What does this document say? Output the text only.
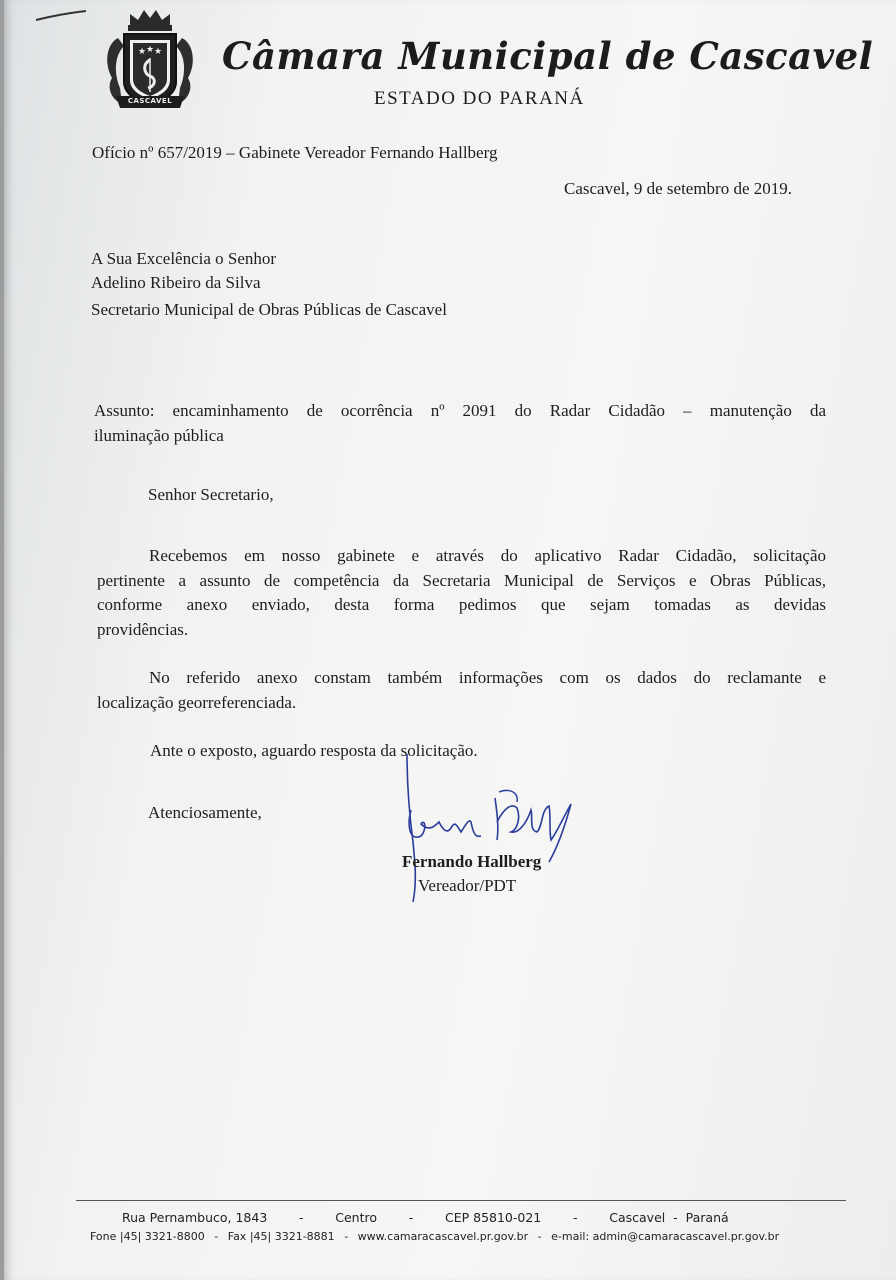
★ ★ ★
CASCAVEL
Câmara Municipal de Cascavel
ESTADO DO PARANÁ
Ofício nº 657/2019 – Gabinete Vereador Fernando Hallberg
Cascavel, 9 de setembro de 2019.
A Sua Excelência o Senhor
Adelino Ribeiro da Silva
Secretario Municipal de Obras Públicas de Cascavel
Assunto: encaminhamento de ocorrência nº 2091 do Radar Cidadão – manutenção da
iluminação pública
Senhor Secretario,
Recebemos em nosso gabinete e através do aplicativo Radar Cidadão, solicitação
pertinente a assunto de competência da Secretaria Municipal de Serviços e Obras Públicas,
conforme anexo enviado, desta forma pedimos que sejam tomadas as devidas
providências.
No referido anexo constam também informações com os dados do reclamante e
localização georreferenciada.
Ante o exposto, aguardo resposta da solicitação.
Atenciosamente,
Fernando Hallberg
Vereador/PDT
Rua Pernambuco, 1843	-	Centro	-	CEP 85810-021	-	Cascavel  -  Paraná
Fone |45| 3321-8800 - Fax |45| 3321-8881 - www.camaracascavel.pr.gov.br - e-mail: admin@camaracascavel.pr.gov.br
